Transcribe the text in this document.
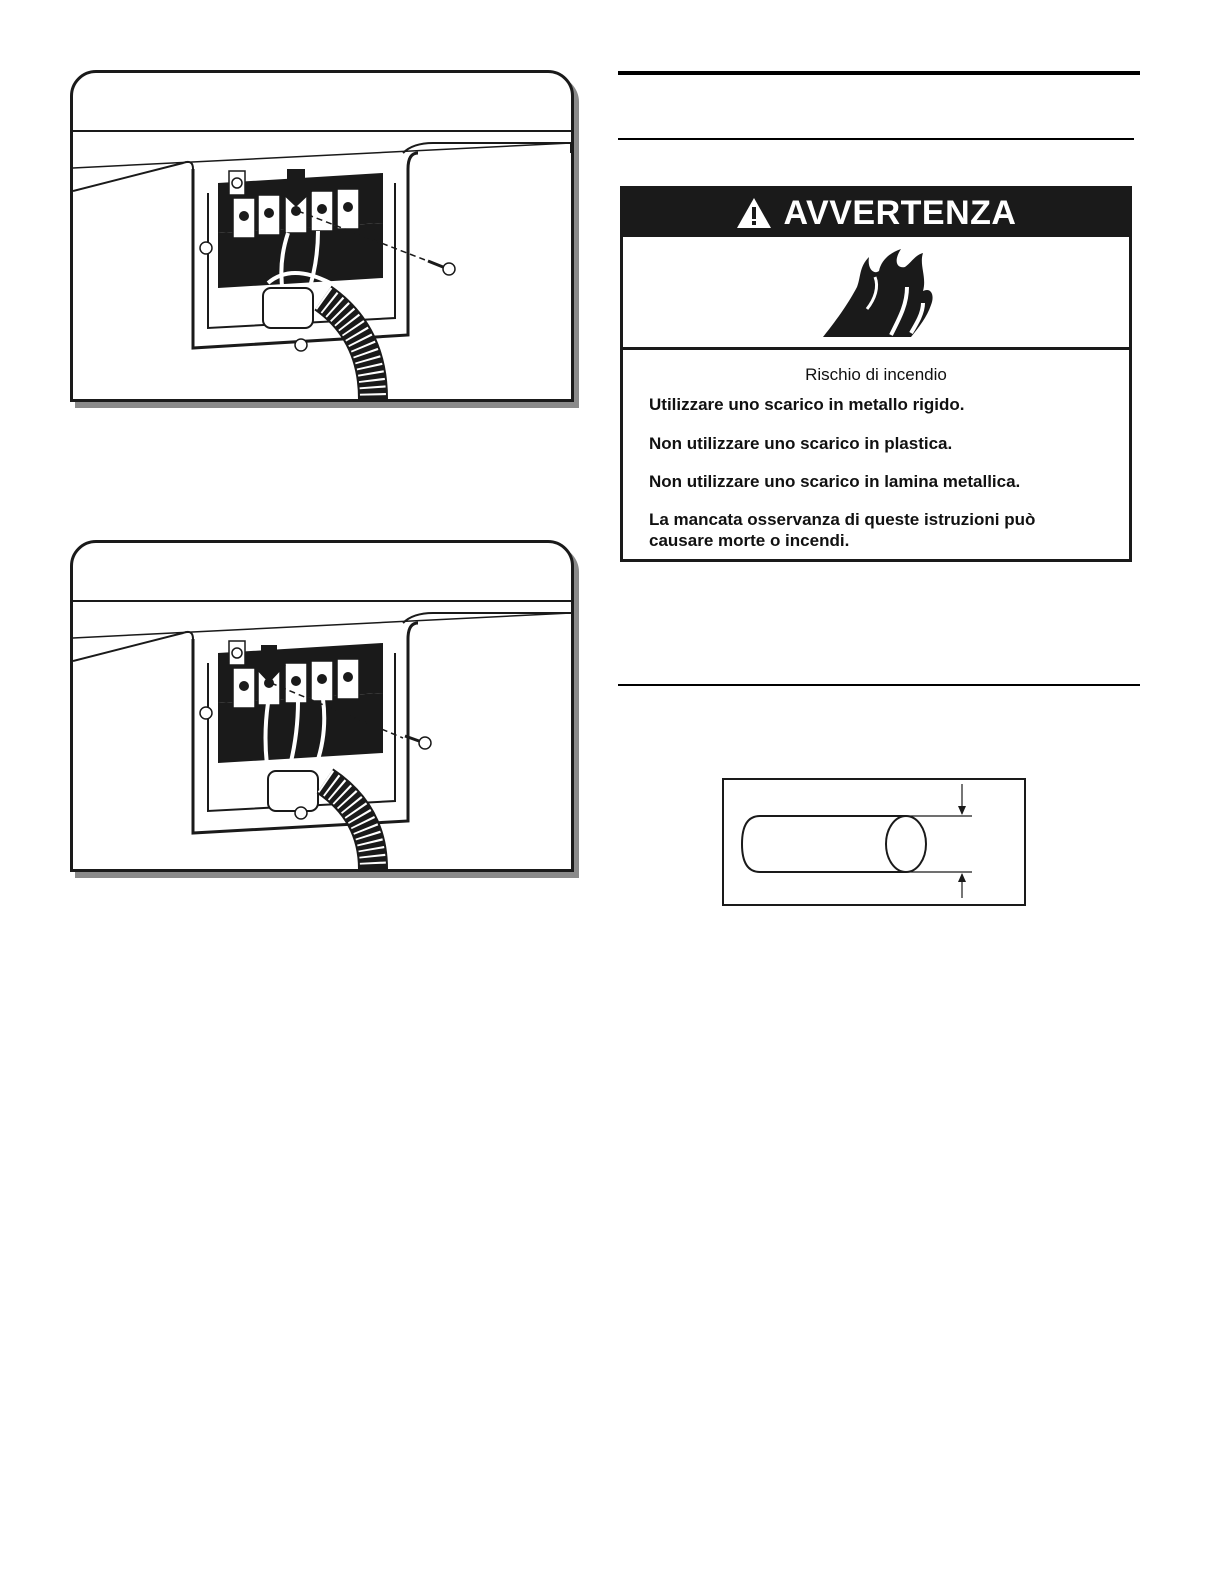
AVVERTENZA
Rischio di incendio
Utilizzare uno scarico in metallo rigido.
Non utilizzare uno scarico in plastica.
Non utilizzare uno scarico in lamina metallica.
La mancata osservanza di queste istruzioni può causare morte o incendi.
